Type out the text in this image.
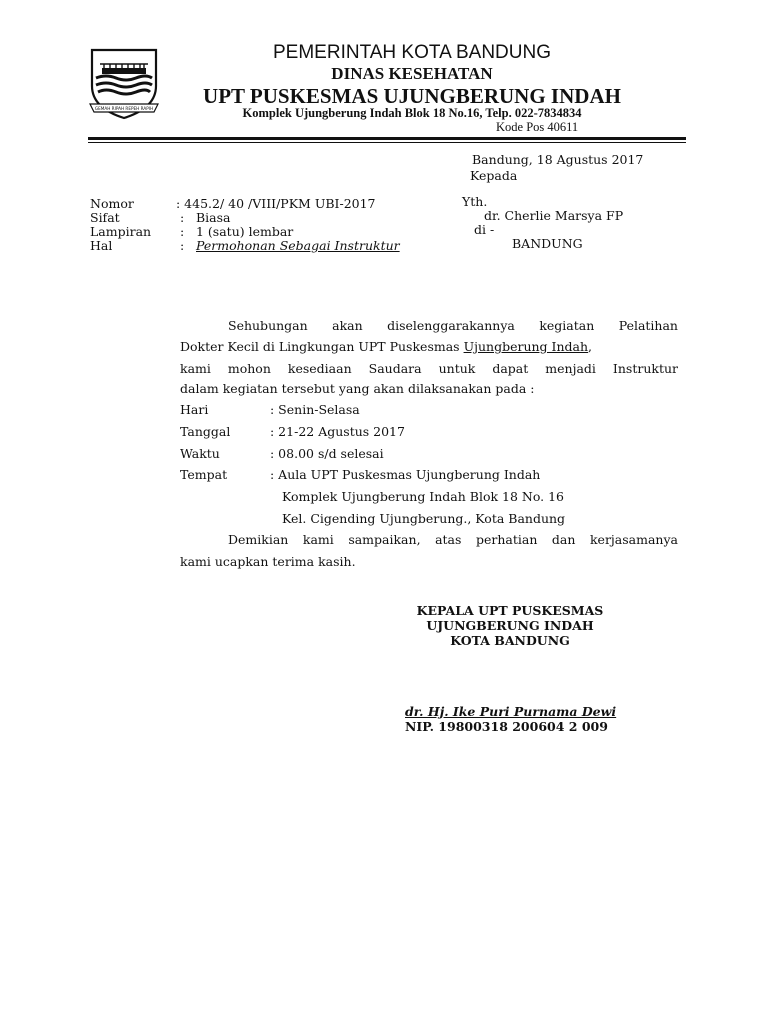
GEMAH RIPAH REPEH RAPIH
PEMERINTAH KOTA BANDUNG
DINAS KESEHATAN
UPT PUSKESMAS UJUNGBERUNG INDAH
Komplek Ujungberung Indah Blok 18 No.16, Telp. 022-7834834
Kode Pos 40611
Bandung, 18 Agustus 2017
Kepada
Yth.
dr. Cherlie Marsya FP
di -
BANDUNG
Nomor	: 445.2/ 40 /VIII/PKM UBI-2017
Sifat	: Biasa
Lampiran : 1 (satu) lembar
Hal	: Permohonan Sebagai Instruktur
Sehubungan akan diselenggarakannya kegiatan Pelatihan
Dokter Kecil di Lingkungan UPT Puskesmas Ujungberung Indah,
kami mohon kesediaan Saudara untuk dapat menjadi Instruktur
dalam kegiatan tersebut yang akan dilaksanakan pada :
Hari	: Senin-Selasa
Tanggal	: 21-22 Agustus 2017
Waktu	: 08.00 s/d selesai
Tempat	: Aula UPT Puskesmas Ujungberung Indah
Komplek Ujungberung Indah Blok 18 No. 16
Kel. Cigending Ujungberung., Kota Bandung
Demikian kami sampaikan, atas perhatian dan kerjasamanya
kami ucapkan terima kasih.
KEPALA UPT PUSKESMAS
UJUNGBERUNG INDAH
KOTA BANDUNG
dr. Hj. Ike Puri Purnama Dewi
NIP. 19800318 200604 2 009
